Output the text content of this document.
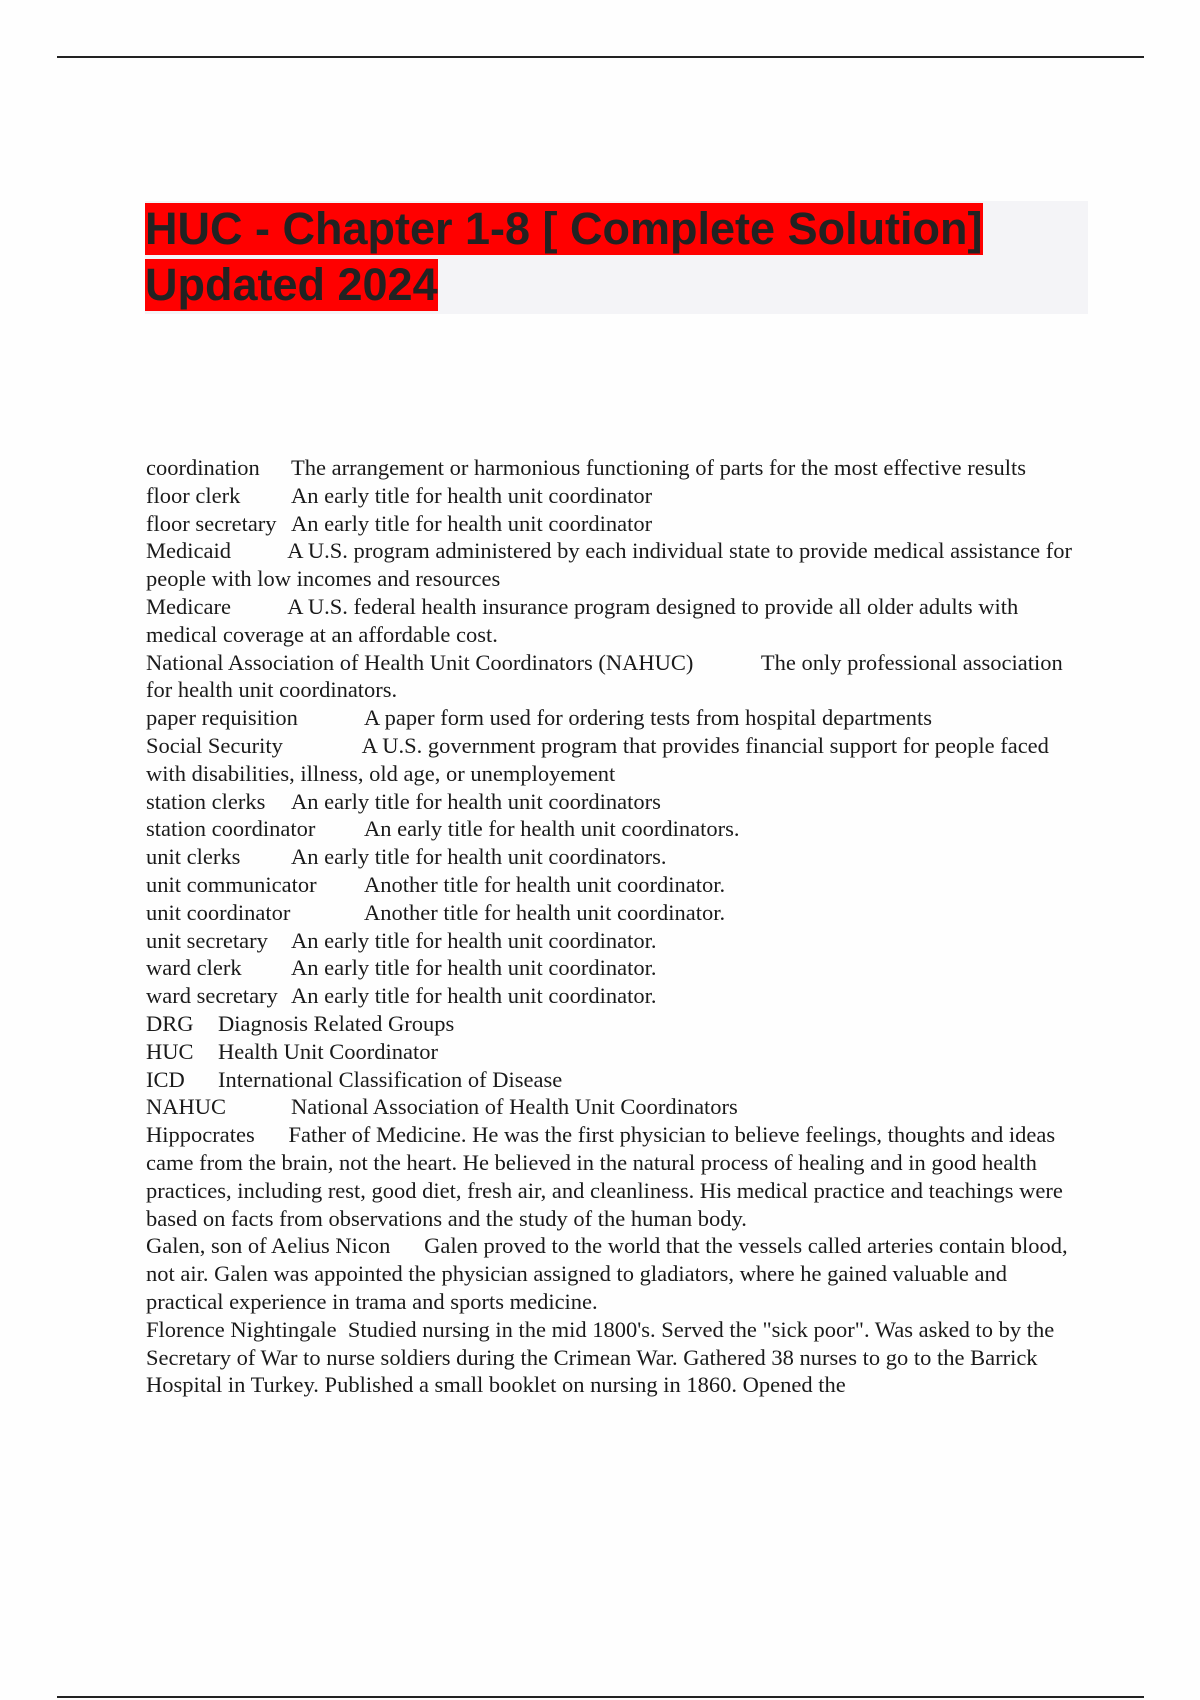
HUC - Chapter 1-8 [ Complete Solution]
Updated 2024

coordination The arrangement or harmonious functioning of parts for the most effective results

floor clerk An early title for health unit coordinator

floor secretary An early title for health unit coordinator

Medicaid   	A U.S. program administered by each individual state to provide medical assistance for people with low incomes and resources

Medicare   	A U.S. federal health insurance program designed to provide all older adults with medical coverage at an affordable cost.

National Association of Health Unit Coordinators (NAHUC)   	The only professional association for health unit coordinators.

paper requisition	A paper form used for ordering tests from hospital departments

Social Security    	A U.S. government program that provides financial support for people faced with disabilities, illness, old age, or unemployement

station clerks An early title for health unit coordinators

station coordinator An early title for health unit coordinators.

unit clerks An early title for health unit coordinators.

unit communicator Another title for health unit coordinator.

unit coordinator	Another title for health unit coordinator.

unit secretary An early title for health unit coordinator.

ward clerk An early title for health unit coordinator.

ward secretary An early title for health unit coordinator.

DRG Diagnosis Related Groups

HUC Health Unit Coordinator

ICD International Classification of Disease

NAHUC	National Association of Health Unit Coordinators

Hippocrates   Father of Medicine. He was the first physician to believe feelings, thoughts and ideas came from the brain, not the heart. He believed in the natural process of healing and in good health practices, including rest, good diet, fresh air, and cleanliness. His medical practice and teachings were based on facts from observations and the study of the human body.

Galen, son of Aelius Nicon   Galen proved to the world that the vessels called arteries contain blood, not air. Galen was appointed the physician assigned to gladiators, where he gained valuable and practical experience in trama and sports medicine.

Florence Nightingale  Studied nursing in the mid 1800's. Served the "sick poor". Was asked to by the Secretary of War to nurse soldiers during the Crimean War. Gathered 38 nurses to go to the Barrick Hospital in Turkey. Published a small booklet on nursing in 1860. Opened the
